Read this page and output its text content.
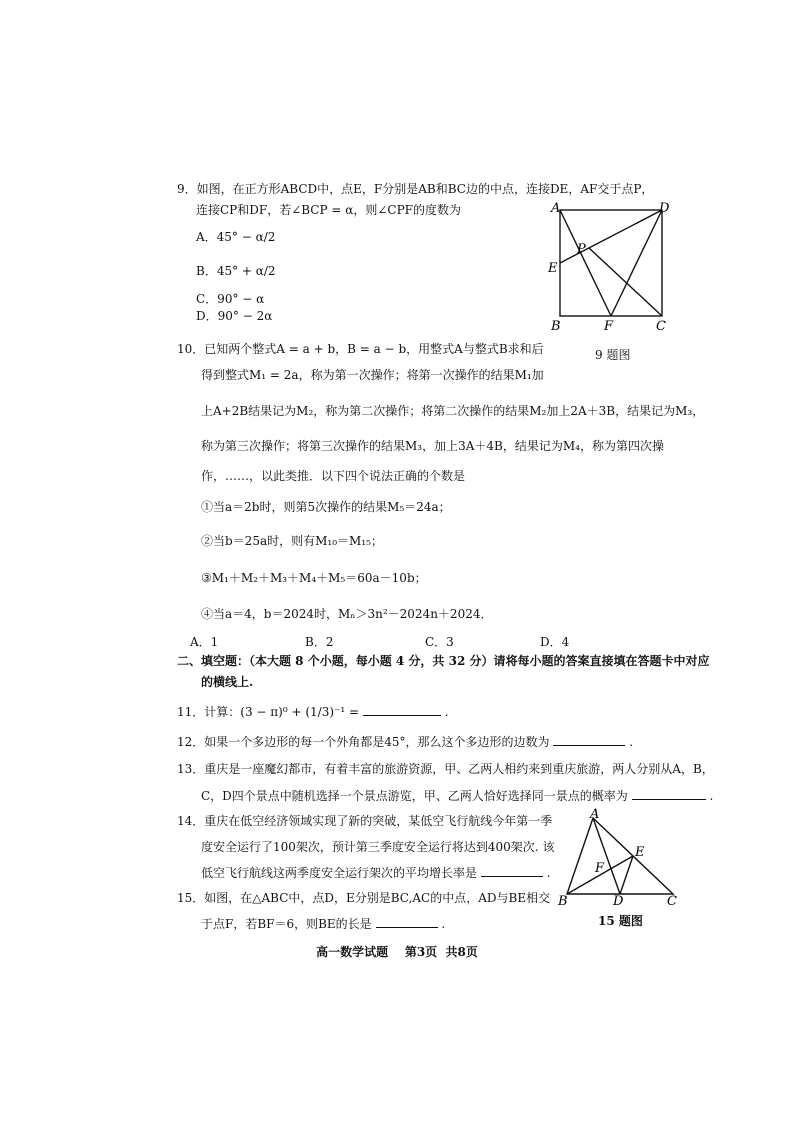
9．如图，在正方形ABCD中，点E，F分别是AB和BC边的中点，连接DE，AF交于点P，
连接CP和DF，若∠BCP = α，则∠CPF的度数为
A．45° − α/2
B．45° + α/2
C．90° − α
D．90° − 2α
A	D
P
E
B	F	C
9 题图
10．已知两个整式A = a + b，B = a − b，用整式A与整式B求和后
得到整式M₁ = 2a，称为第一次操作；将第一次操作的结果M₁加
上A+2B结果记为M₂，称为第二次操作；将第二次操作的结果M₂加上2A＋3B，结果记为M₃，
称为第三次操作；将第三次操作的结果M₃，加上3A＋4B，结果记为M₄，称为第四次操
作，……，以此类推．以下四个说法正确的个数是
①当a＝2b时，则第5次操作的结果M₅＝24a；
②当b＝25a时，则有M₁₀＝M₁₅；
③M₁＋M₂＋M₃＋M₄＋M₅＝60a－10b；
④当a＝4，b＝2024时，Mₙ＞3n²－2024n＋2024．
A．1	B．2	C．3	D．4
二、填空题：（本大题 8 个小题，每小题 4 分，共 32 分）请将每小题的答案直接填在答题卡中对应
的横线上.
11．计算：(3 − π)⁰ + (1/3)⁻¹ =	.
12．如果一个多边形的每一个外角都是45°，那么这个多边形的边数为	.
13．重庆是一座魔幻都市，有着丰富的旅游资源，甲、乙两人相约来到重庆旅游，两人分别从A，B，
C，D四个景点中随机选择一个景点游览，甲、乙两人恰好选择同一景点的概率为	.
14．重庆在低空经济领域实现了新的突破，某低空飞行航线今年第一季
度安全运行了100架次，预计第三季度安全运行将达到400架次. 该
低空飞行航线这两季度安全运行架次的平均增长率是	.
15．如图，在△ABC中，点D，E分别是BC,AC的中点，AD与BE相交
于点F，若BF＝6，则BE的长是	.
A
E
F
B	D	C
15 题图
高一数学试题    第3页  共8页
